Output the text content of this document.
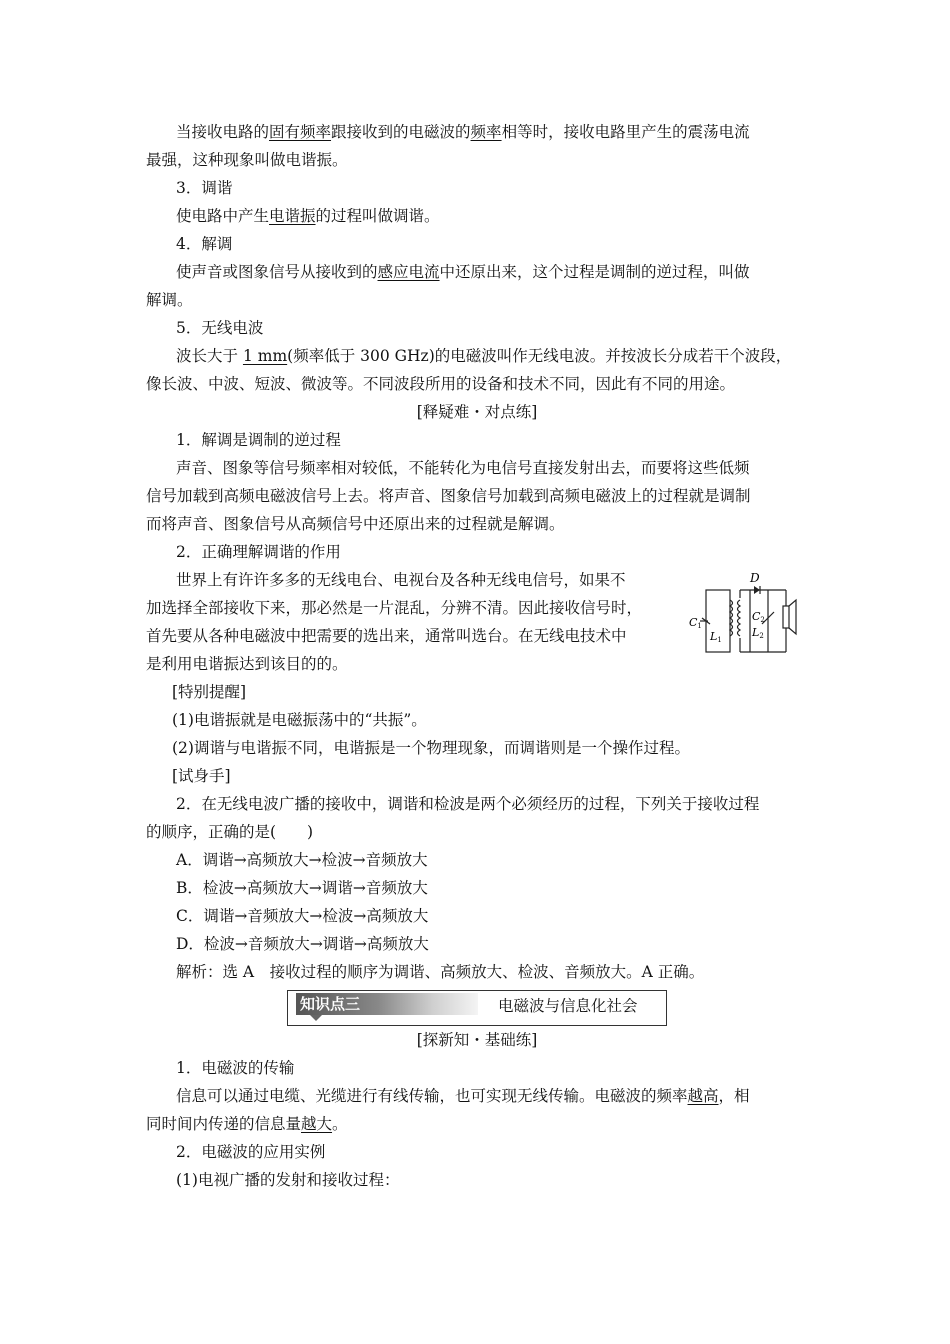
当接收电路的固有频率跟接收到的电磁波的频率相等时，接收电路里产生的震荡电流
最强，这种现象叫做电谐振。
3．调谐
使电路中产生电谐振的过程叫做调谐。
4．解调
使声音或图象信号从接收到的感应电流中还原出来，这个过程是调制的逆过程，叫做
解调。
5．无线电波
波长大于 1 mm(频率低于 300 GHz)的电磁波叫作无线电波。并按波长分成若干个波段，
像长波、中波、短波、微波等。不同波段所用的设备和技术不同，因此有不同的用途。
[释疑难・对点练]
1．解调是调制的逆过程
声音、图象等信号频率相对较低，不能转化为电信号直接发射出去，而要将这些低频
信号加载到高频电磁波信号上去。将声音、图象信号加载到高频电磁波上的过程就是调制
而将声音、图象信号从高频信号中还原出来的过程就是解调。
2．正确理解调谐的作用
世界上有许许多多的无线电台、电视台及各种无线电信号，如果不
加选择全部接收下来，那必然是一片混乱，分辨不清。因此接收信号时，
首先要从各种电磁波中把需要的选出来，通常叫选台。在无线电技术中
是利用电谐振达到该目的的。
D
C1
L1
C2
L2
[特别提醒]
(1)电谐振就是电磁振荡中的“共振”。
(2)调谐与电谐振不同，电谐振是一个物理现象，而调谐则是一个操作过程。
[试身手]
2．在无线电波广播的接收中，调谐和检波是两个必须经历的过程，下列关于接收过程
的顺序，正确的是(　　)
A．调谐→高频放大→检波→音频放大
B．检波→高频放大→调谐→音频放大
C．调谐→音频放大→检波→高频放大
D．检波→音频放大→调谐→高频放大
解析：选 A　接收过程的顺序为调谐、高频放大、检波、音频放大。A 正确。
知识点三	电磁波与信息化社会
[探新知・基础练]
1．电磁波的传输
信息可以通过电缆、光缆进行有线传输，也可实现无线传输。电磁波的频率越高，相
同时间内传递的信息量越大。
2．电磁波的应用实例
(1)电视广播的发射和接收过程：
